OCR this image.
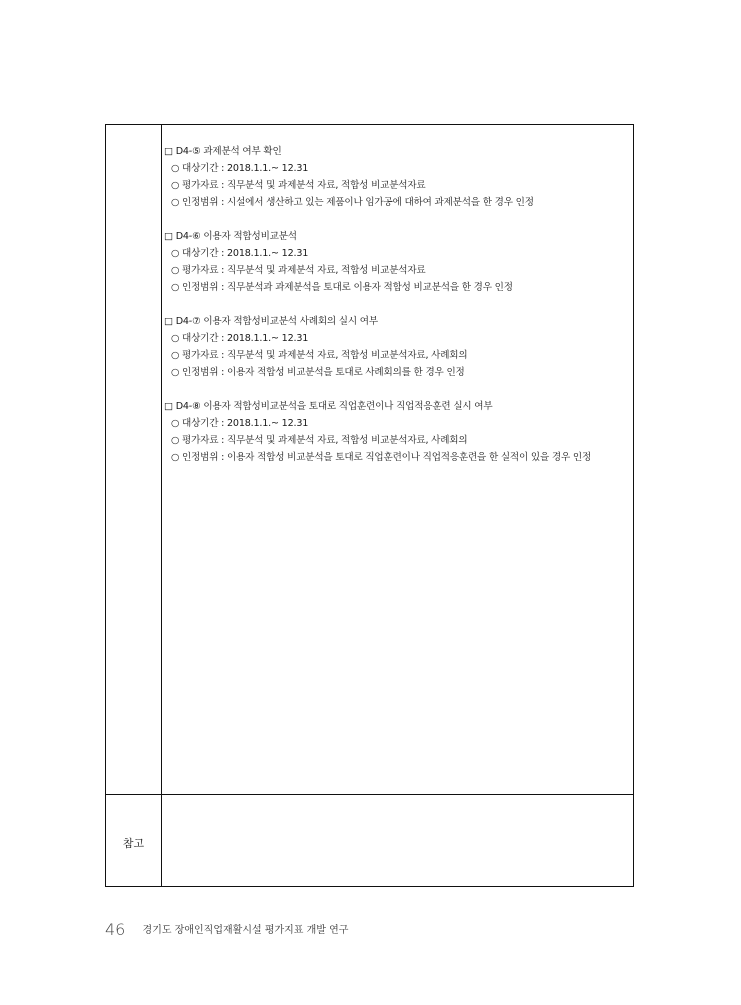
□ D4-⑤ 과제분석 여부 확인
○ 대상기간 : 2018.1.1.~ 12.31
○ 평가자료 : 직무분석 및 과제분석 자료, 적합성 비교분석자료
○ 인정범위 : 시설에서 생산하고 있는 제품이나 임가공에 대하여 과제분석을 한 경우 인정
□ D4-⑥ 이용자 적합성비교분석
○ 대상기간 : 2018.1.1.~ 12.31
○ 평가자료 : 직무분석 및 과제분석 자료, 적합성 비교분석자료
○ 인정범위 : 직무분석과 과제분석을 토대로 이용자 적합성 비교분석을 한 경우 인정
□ D4-⑦ 이용자 적합성비교분석 사례회의 실시 여부
○ 대상기간 : 2018.1.1.~ 12.31
○ 평가자료 : 직무분석 및 과제분석 자료, 적합성 비교분석자료, 사례회의
○ 인정범위 : 이용자 적합성 비교분석을 토대로 사례회의를 한 경우 인정
□ D4-⑧ 이용자 적합성비교분석을 토대로 직업훈련이나 직업적응훈련 실시 여부
○ 대상기간 : 2018.1.1.~ 12.31
○ 평가자료 : 직무분석 및 과제분석 자료, 적합성 비교분석자료, 사례회의
○ 인정범위 : 이용자 적합성 비교분석을 토대로 직업훈련이나 직업적응훈련을 한 실적이 있을 경우 인정
참고
46 경기도 장애인직업재활시설 평가지표 개발 연구
